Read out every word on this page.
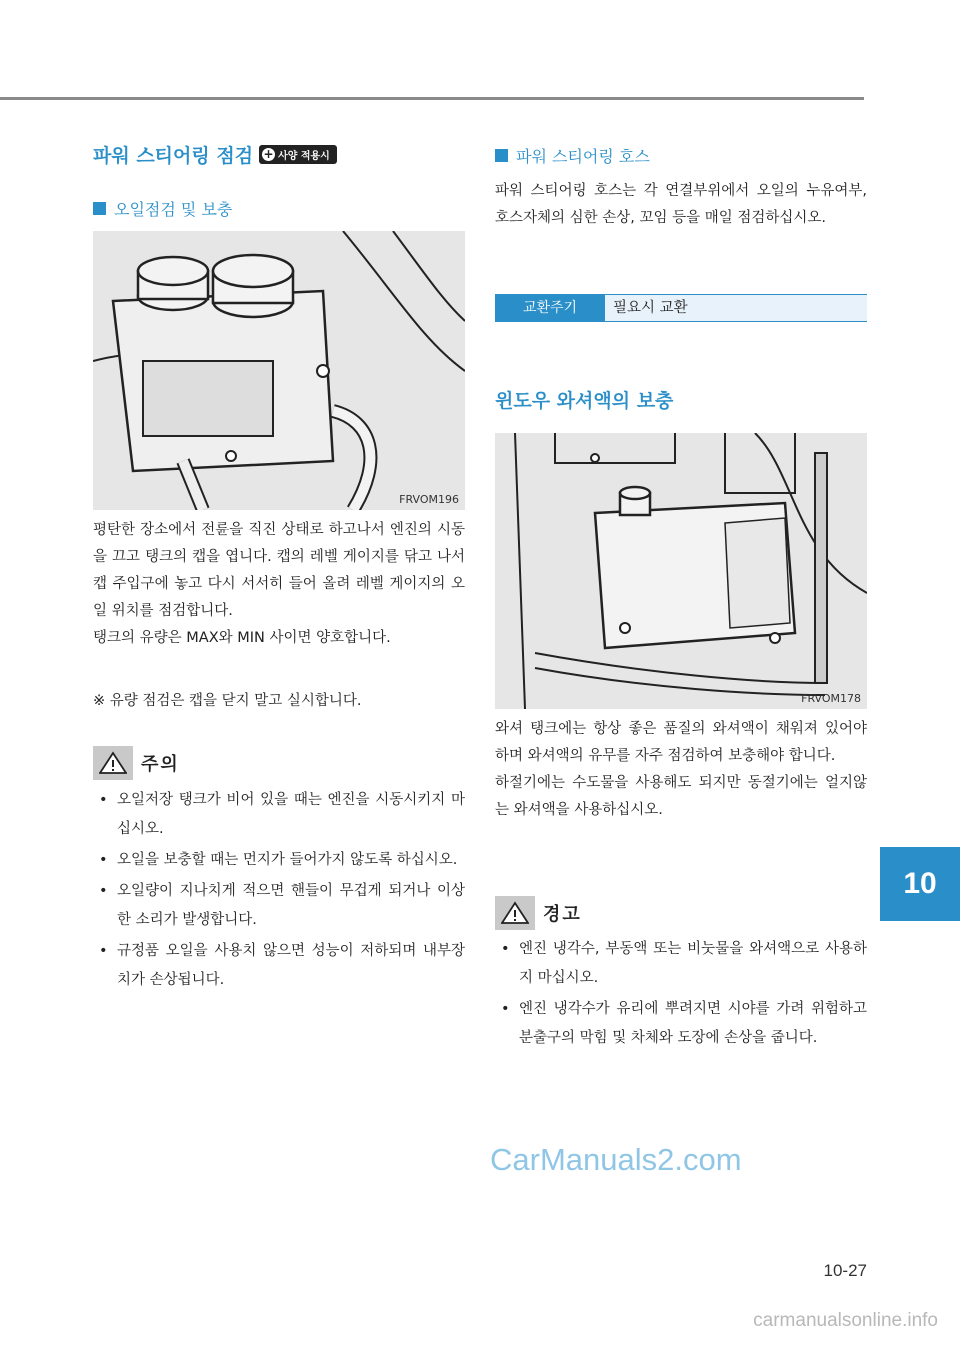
파워 스티어링 점검 + 사양 적용시
오일점검 및 보충
FRVOM196

평탄한 장소에서 전륜을 직진 상태로 하고나서 엔진의 시동을 끄고 탱크의 캡을 엽니다. 캡의 레벨 게이지를 닦고 나서 캡 주입구에 놓고 다시 서서히 들어 올려 레벨 게이지의 오일 위치를 점검합니다.

탱크의 유량은 MAX와 MIN 사이면 양호합니다.

※ 유량 점검은 캡을 닫지 말고 실시합니다.

주의
• 오일저장 탱크가 비어 있을 때는 엔진을 시동시키지 마십시오.
• 오일을 보충할 때는 먼지가 들어가지 않도록 하십시오.
• 오일량이 지나치게 적으면 핸들이 무겁게 되거나 이상한 소리가 발생합니다.
• 규정품 오일을 사용치 않으면 성능이 저하되며 내부장치가 손상됩니다.
파워 스티어링 호스

파워 스티어링 호스는 각 연결부위에서 오일의 누유여부, 호스자체의 심한 손상, 꼬임 등을 매일 점검하십시오.

교환주기	필요시 교환
윈도우 와셔액의 보충
FRVOM178

와셔 탱크에는 항상 좋은 품질의 와셔액이 채워져 있어야 하며 와셔액의 유무를 자주 점검하여 보충해야 합니다.

하절기에는 수도물을 사용해도 되지만 동절기에는 얼지않는 와셔액을 사용하십시오.

경고
• 엔진 냉각수, 부동액 또는 비눗물을 와셔액으로 사용하지 마십시오.
• 엔진 냉각수가 유리에 뿌려지면 시야를 가려 위험하고 분출구의 막힘 및 차체와 도장에 손상을 줍니다.
10
CarManuals2.com
10-27
carmanualsonline.info
